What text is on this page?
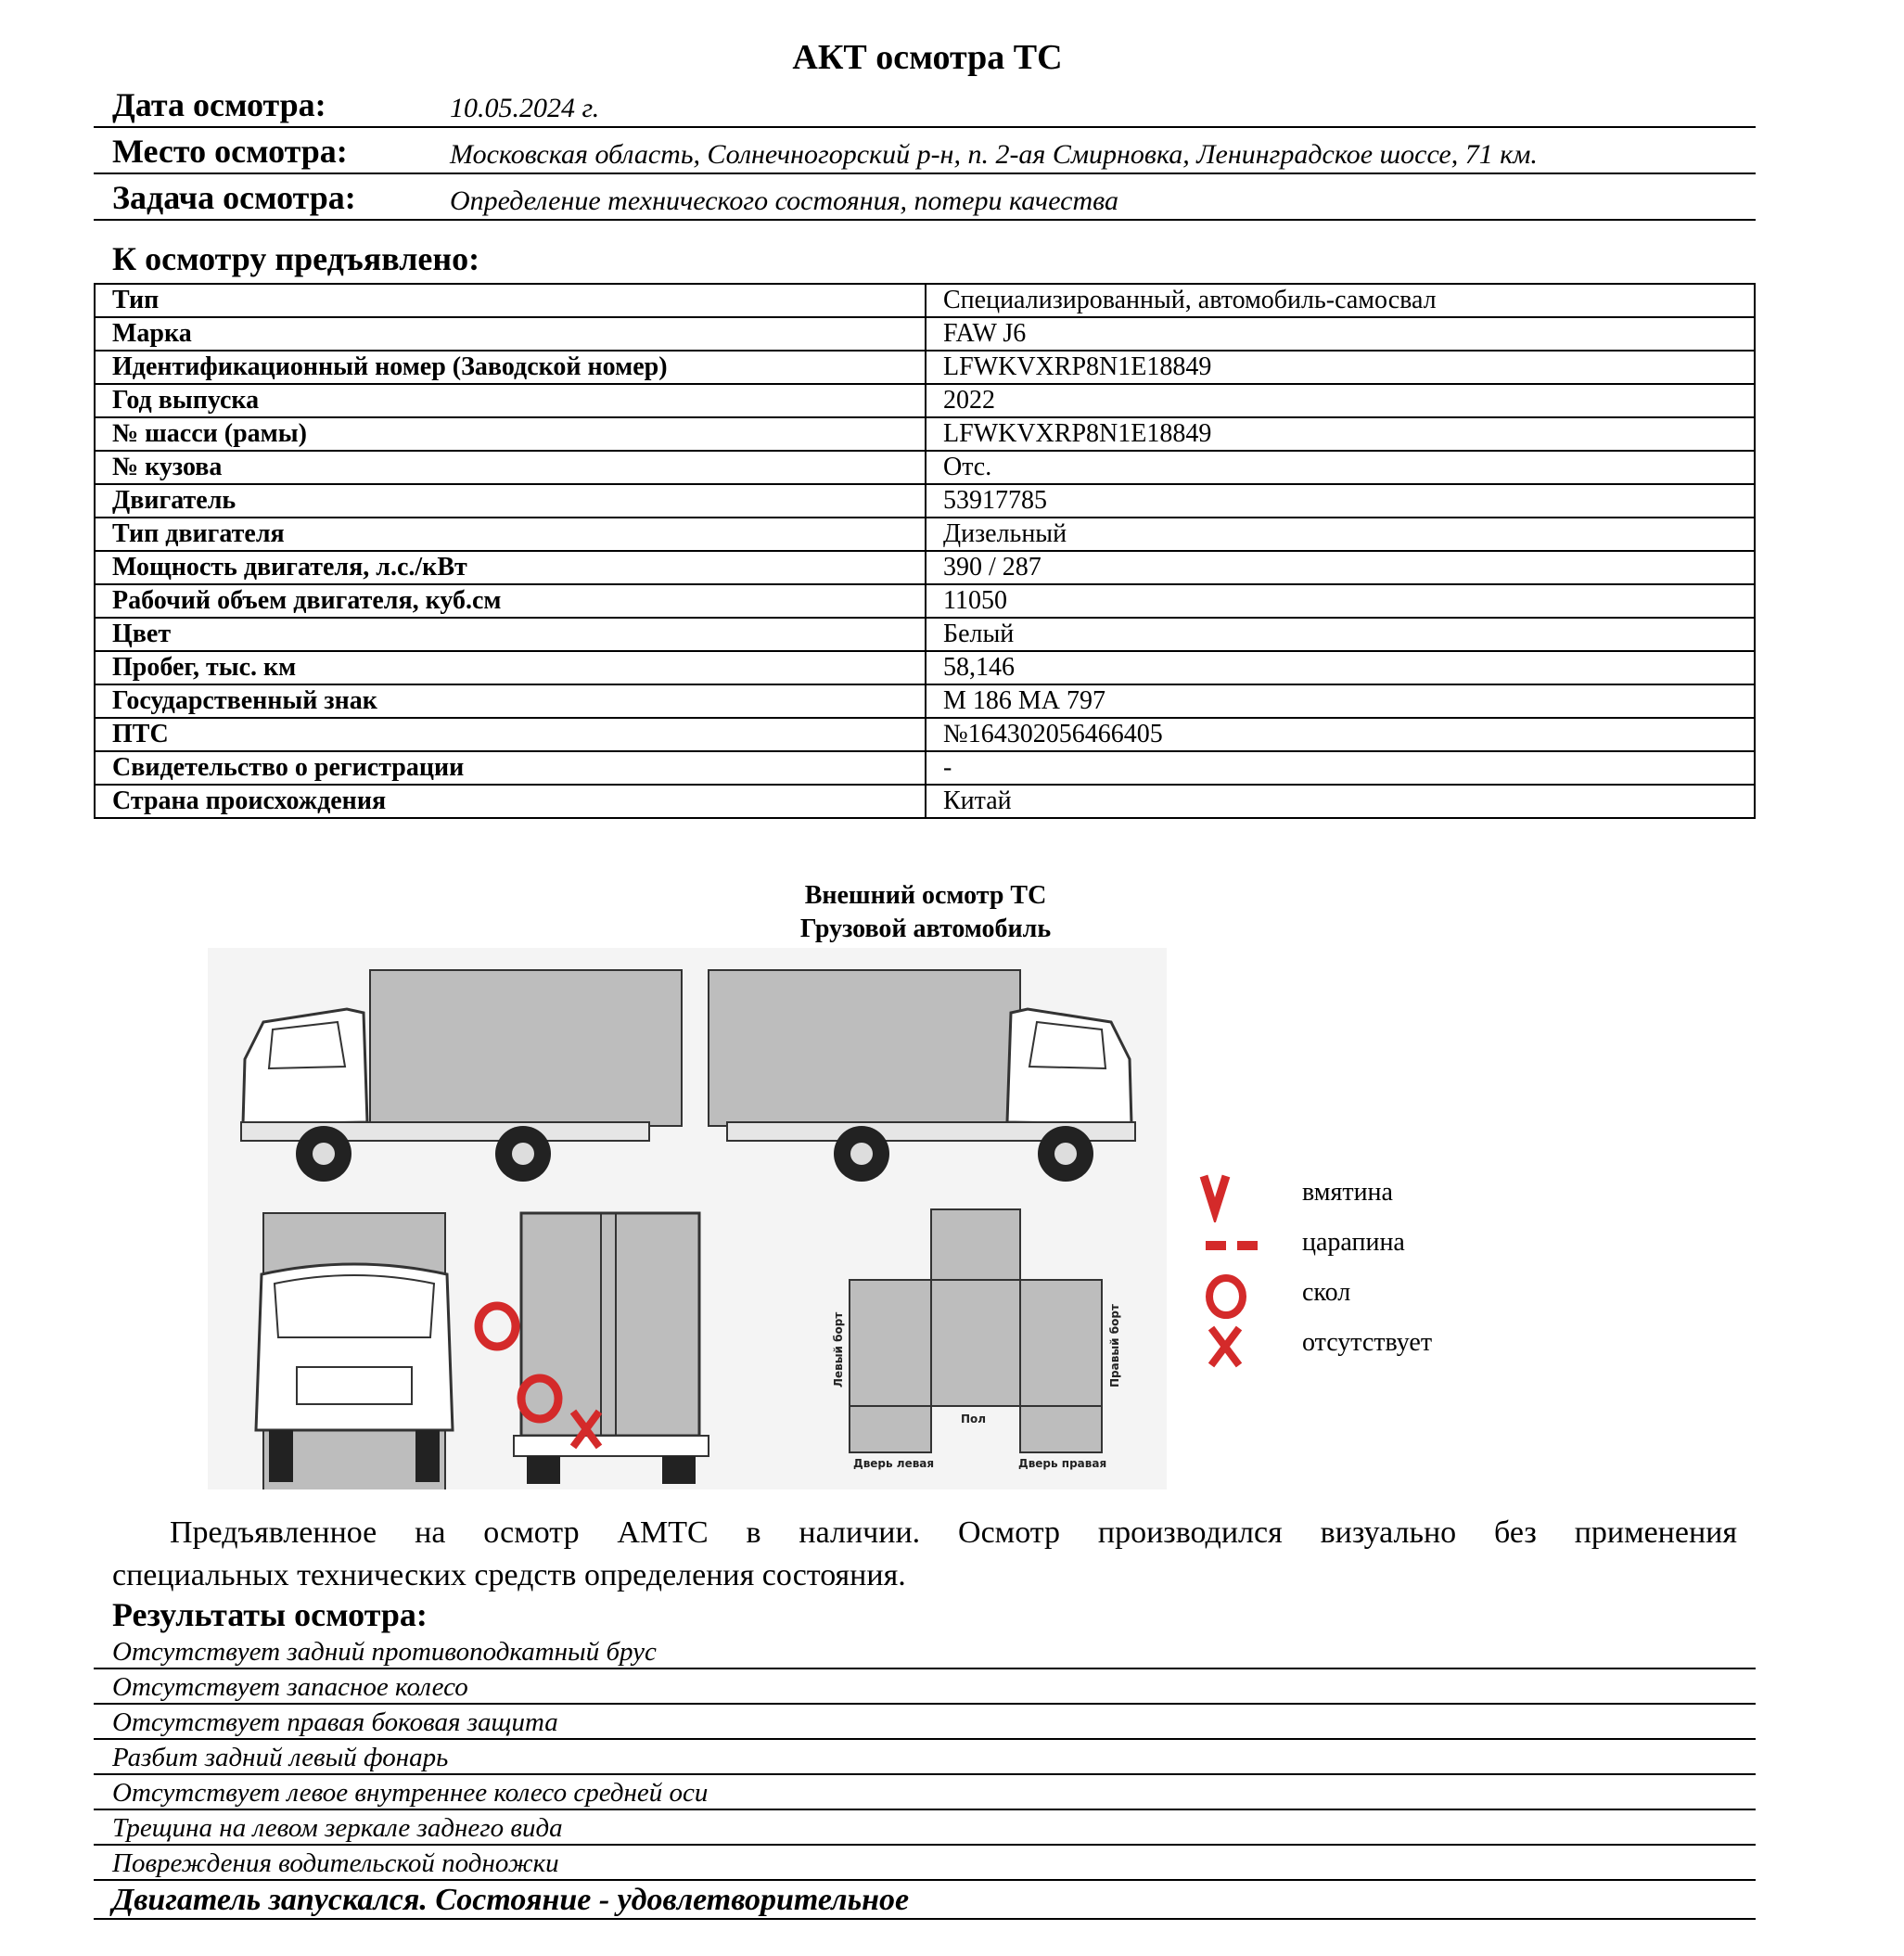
АКТ осмотра ТС
Дата осмотра:	10.05.2024 г.
Место осмотра:	Московская область, Солнечногорский р-н, п. 2-ая Смирновка, Ленинградское шоссе, 71 км.
Задача осмотра:	Определение технического состояния, потери качества
К осмотру предъявлено:
Тип	Специализированный, автомобиль-самосвал
Марка	FAW J6
Идентификационный номер (Заводской номер)	LFWKVXRP8N1E18849
Год выпуска	2022
№ шасси (рамы)	LFWKVXRP8N1E18849
№ кузова	Отс.
Двигатель	53917785
Тип двигателя	Дизельный
Мощность двигателя, л.с./кВт	390 / 287
Рабочий объем двигателя, куб.см	11050
Цвет	Белый
Пробег, тыс. км	58,146
Государственный знак	М 186 МА 797
ПТС	№164302056466405
Свидетельство о регистрации	-
Страна происхождения	Китай
Внешний осмотр ТС
Грузовой автомобиль
Левый борт	Правый борт
Пол
Дверь левая	Дверь правая
вмятина
царапина
скол
отсутствует
Предъявленное на осмотр АМТС в наличии. Осмотр производился визуально без применения
специальных технических средств определения состояния.
Результаты осмотра:
Отсутствует задний противоподкатный брус
Отсутствует запасное колесо
Отсутствует правая боковая защита
Разбит задний левый фонарь
Отсутствует левое внутреннее колесо средней оси
Трещина на левом зеркале заднего вида
Повреждения водительской подножки
Двигатель запускался. Состояние - удовлетворительное
